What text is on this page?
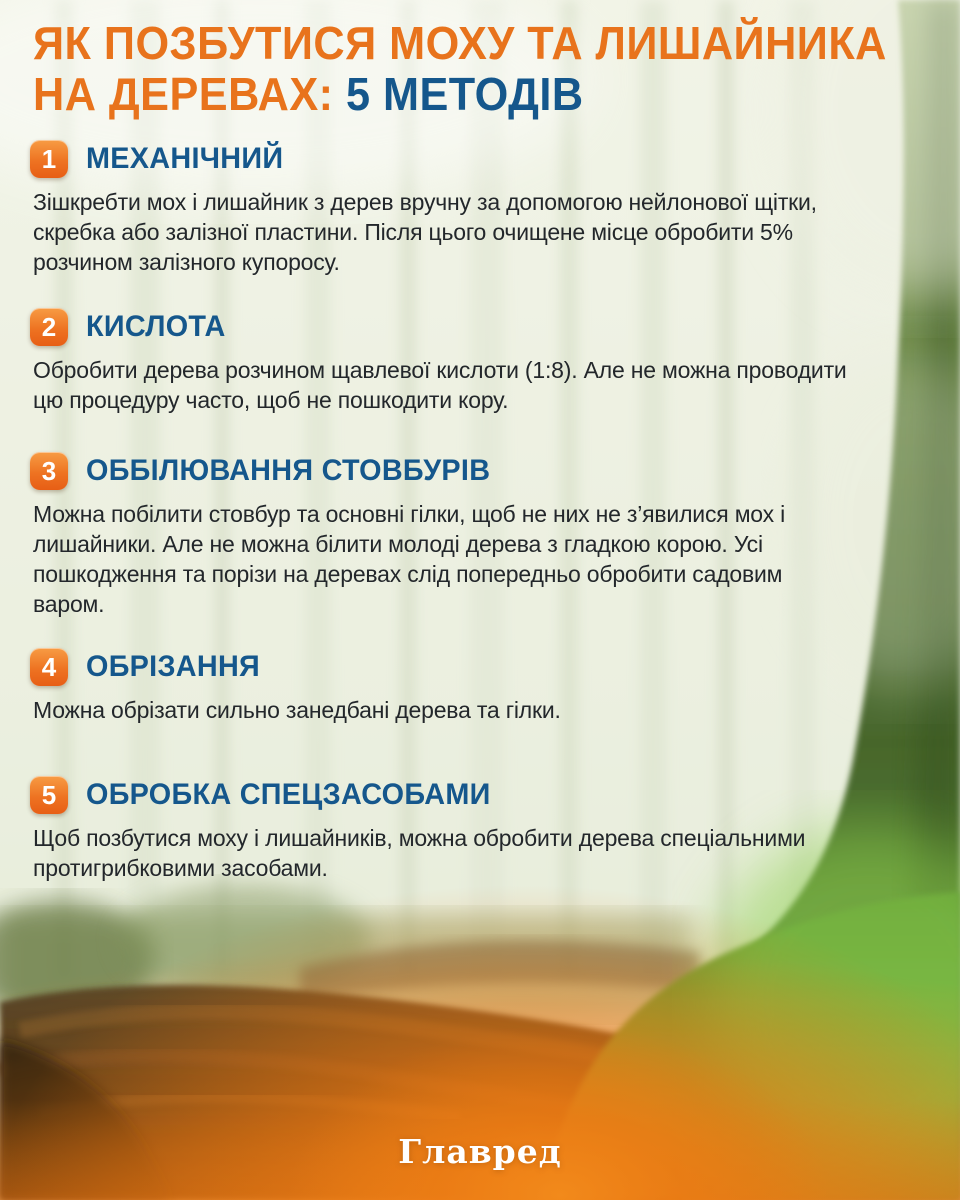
ЯК ПОЗБУТИСЯ МОХУ ТА ЛИШАЙНИКА
НА ДЕРЕВАХ: 5 МЕТОДІВ
1 МЕХАНІЧНИЙ

Зішкребти мох і лишайник з дерев вручну за допомогою нейлонової щітки, скребка або залізної пластини. Після цього очищене місце обробити 5% розчином залізного купоросу.

2 КИСЛОТА

Обробити дерева розчином щавлевої кислоти (1:8). Але не можна проводити цю процедуру часто, щоб не пошкодити кору.

3 ОББІЛЮВАННЯ СТОВБУРІВ

Можна побілити стовбур та основні гілки, щоб не них не з’явилися мох і лишайники. Але не можна білити молоді дерева з гладкою корою. Усі пошкодження та порізи на деревах слід попередньо обробити садовим варом.

4 ОБРІЗАННЯ

Можна обрізати сильно занедбані дерева та гілки.

5 ОБРОБКА СПЕЦЗАСОБАМИ

Щоб позбутися моху і лишайників, можна обробити дерева спеціальними протигрибковими засобами.

Главред
